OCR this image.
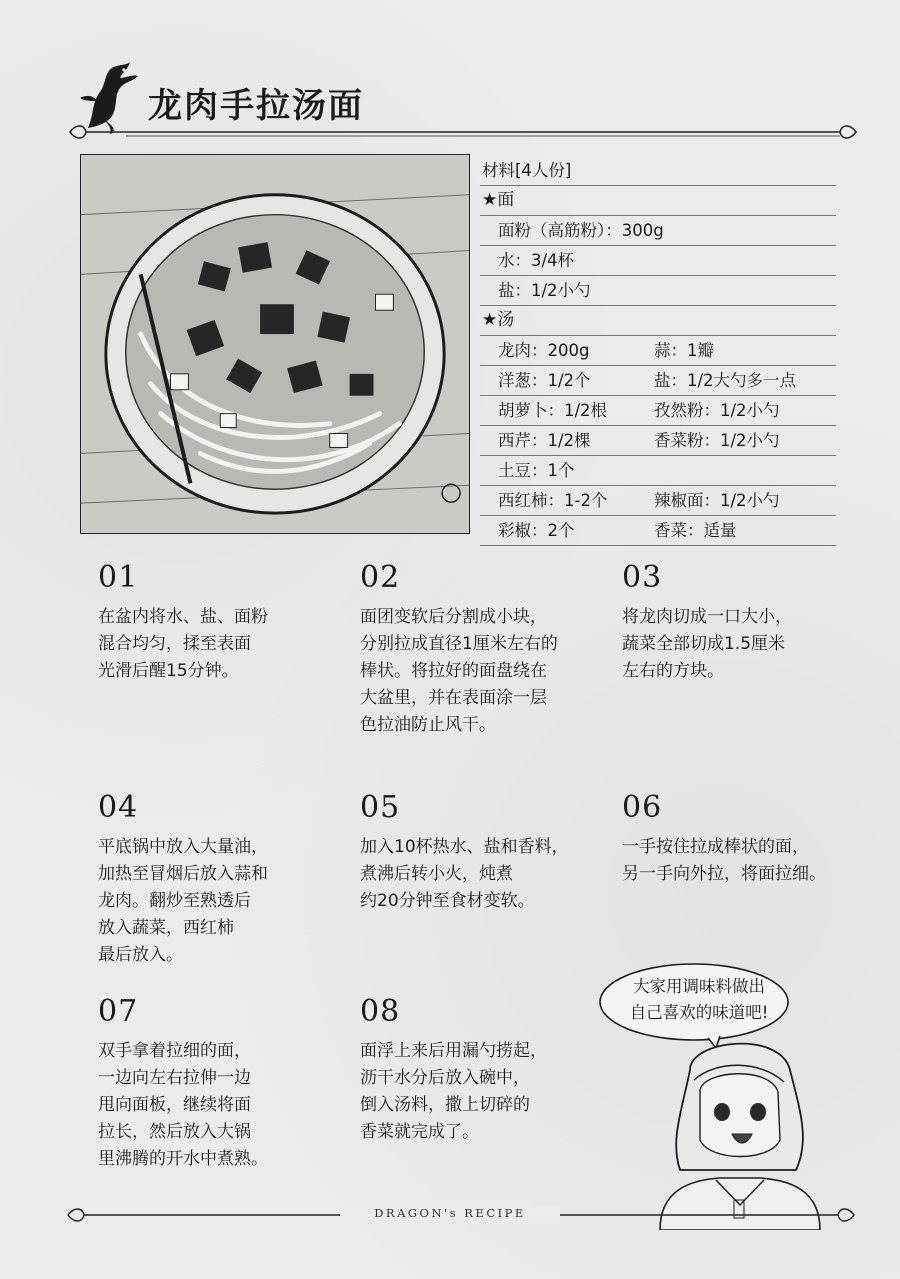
龙肉手拉汤面
材料[4人份]
★面
面粉（高筋粉）：300g
水：3/4杯
盐：1/2小勺
★汤
龙肉：200g	蒜：1瓣
洋葱：1/2个	盐：1/2大勺多一点
胡萝卜：1/2根	孜然粉：1/2小勺
西芹：1/2棵	香菜粉：1/2小勺
土豆：1个
西红柿：1-2个	辣椒面：1/2小勺
彩椒：2个	香菜：适量
01
在盆内将水、盐、面粉
混合均匀，揉至表面
光滑后醒15分钟。
02
面团变软后分割成小块，
分别拉成直径1厘米左右的
棒状。将拉好的面盘绕在
大盆里，并在表面涂一层
色拉油防止风干。
03
将龙肉切成一口大小，
蔬菜全部切成1.5厘米
左右的方块。
04
平底锅中放入大量油，
加热至冒烟后放入蒜和
龙肉。翻炒至熟透后
放入蔬菜，西红柿
最后放入。
05
加入10杯热水、盐和香料，
煮沸后转小火，炖煮
约20分钟至食材变软。
06
一手按住拉成棒状的面，
另一手向外拉，将面拉细。
07
双手拿着拉细的面，
一边向左右拉伸一边
甩向面板，继续将面
拉长，然后放入大锅
里沸腾的开水中煮熟。
08
面浮上来后用漏勺捞起，
沥干水分后放入碗中，
倒入汤料，撒上切碎的
香菜就完成了。
大家用调味料做出
自己喜欢的味道吧!
DRAGON's RECIPE
